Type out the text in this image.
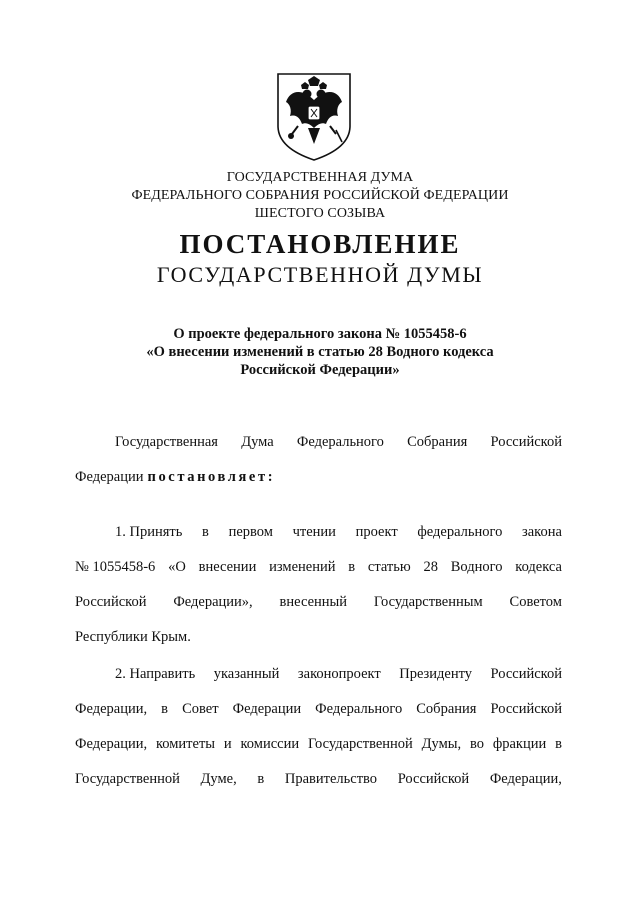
ГОСУДАРСТВЕННАЯ ДУМА
ФЕДЕРАЛЬНОГО СОБРАНИЯ РОССИЙСКОЙ ФЕДЕРАЦИИ
ШЕСТОГО СОЗЫВА
ПОСТАНОВЛЕНИЕ
ГОСУДАРСТВЕННОЙ ДУМЫ
О проекте федерального закона № 1055458-6
«О внесении изменений в статью 28 Водного кодекса
Российской Федерации»
Государственная Дума Федерального Собрания Российской
Федерации постановляет:
1. Принять в первом чтении проект федерального закона
№ 1055458-6 «О внесении изменений в статью 28 Водного кодекса
Российской Федерации», внесенный Государственным Советом
Республики Крым.
2. Направить указанный законопроект Президенту Российской
Федерации, в Совет Федерации Федерального Собрания Российской
Федерации, комитеты и комиссии Государственной Думы, во фракции в
Государственной Думе, в Правительство Российской Федерации,
